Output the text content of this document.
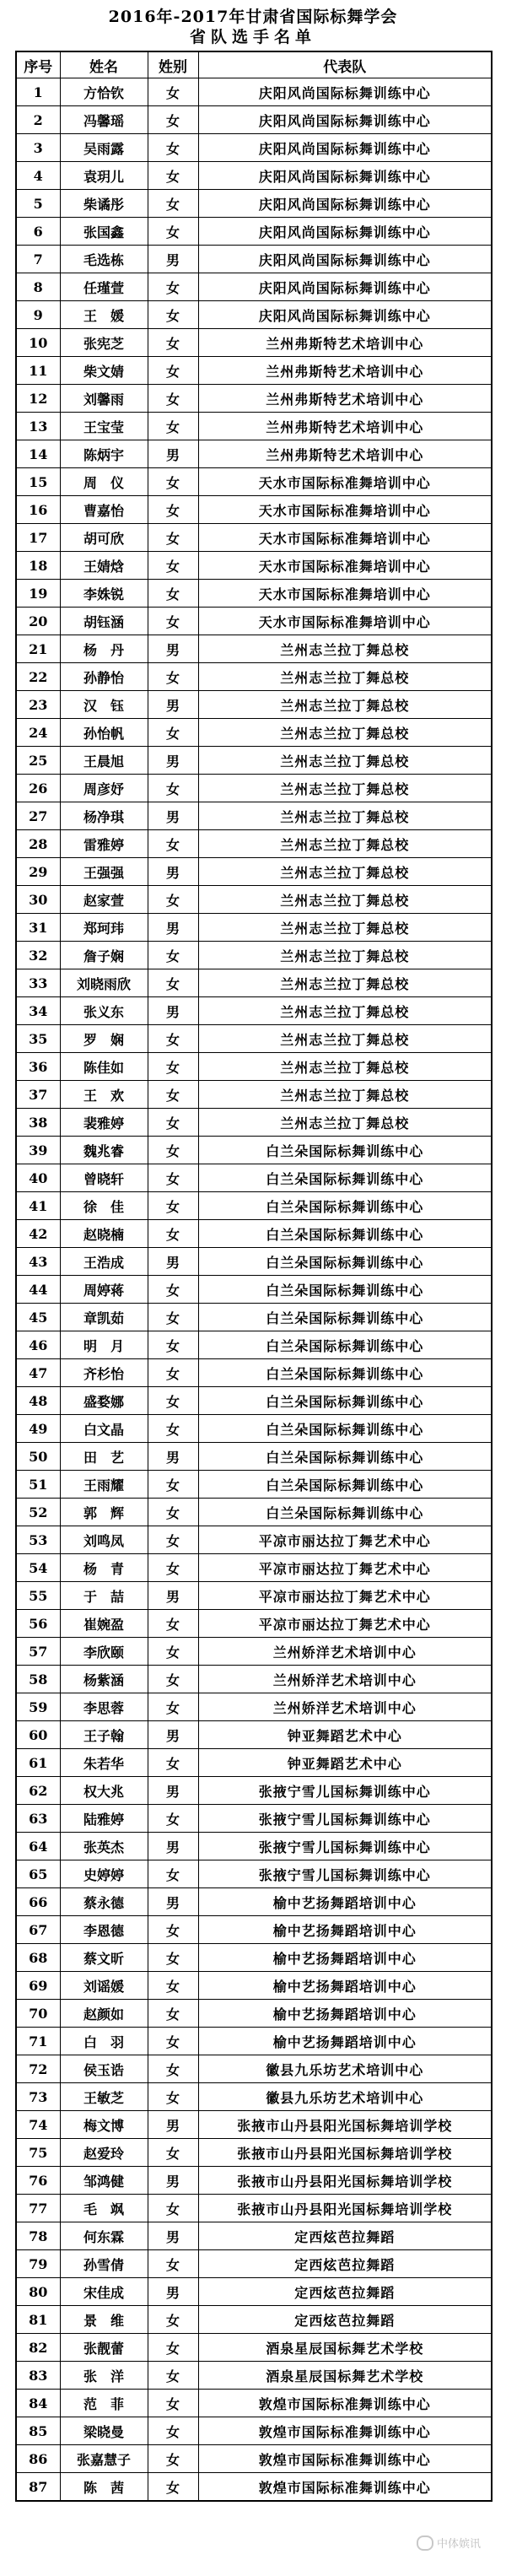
2016年-2017年甘肃省国际标舞学会
省队选手名单
序号	姓名	姓别	代表队
1	方恰钦	女	庆阳风尚国际标舞训练中心
2	冯馨瑶	女	庆阳风尚国际标舞训练中心
3	吴雨露	女	庆阳风尚国际标舞训练中心
4	袁玥儿	女	庆阳风尚国际标舞训练中心
5	柴谲彤	女	庆阳风尚国际标舞训练中心
6	张国鑫	女	庆阳风尚国际标舞训练中心
7	毛选栋	男	庆阳风尚国际标舞训练中心
8	任瑾萱	女	庆阳风尚国际标舞训练中心
9	王　媛	女	庆阳风尚国际标舞训练中心
10	张宪芝	女	兰州弗斯特艺术培训中心
11	柴文婧	女	兰州弗斯特艺术培训中心
12	刘馨雨	女	兰州弗斯特艺术培训中心
13	王宝莹	女	兰州弗斯特艺术培训中心
14	陈炳宇	男	兰州弗斯特艺术培训中心
15	周　仪	女	天水市国际标准舞培训中心
16	曹嘉怡	女	天水市国际标准舞培训中心
17	胡可欣	女	天水市国际标准舞培训中心
18	王婧焓	女	天水市国际标准舞培训中心
19	李姝锐	女	天水市国际标准舞培训中心
20	胡钰涵	女	天水市国际标准舞培训中心
21	杨　丹	男	兰州志兰拉丁舞总校
22	孙静怡	女	兰州志兰拉丁舞总校
23	汉　钰	男	兰州志兰拉丁舞总校
24	孙怡帆	女	兰州志兰拉丁舞总校
25	王晨旭	男	兰州志兰拉丁舞总校
26	周彦妤	女	兰州志兰拉丁舞总校
27	杨净琪	男	兰州志兰拉丁舞总校
28	雷雅婷	女	兰州志兰拉丁舞总校
29	王强强	男	兰州志兰拉丁舞总校
30	赵家萱	女	兰州志兰拉丁舞总校
31	郑珂玮	男	兰州志兰拉丁舞总校
32	詹子娴	女	兰州志兰拉丁舞总校
33	刘晓雨欣	女	兰州志兰拉丁舞总校
34	张义东	男	兰州志兰拉丁舞总校
35	罗　娴	女	兰州志兰拉丁舞总校
36	陈佳如	女	兰州志兰拉丁舞总校
37	王　欢	女	兰州志兰拉丁舞总校
38	裴雅婷	女	兰州志兰拉丁舞总校
39	魏兆睿	女	白兰朵国际标舞训练中心
40	曾晓轩	女	白兰朵国际标舞训练中心
41	徐　佳	女	白兰朵国际标舞训练中心
42	赵晓楠	女	白兰朵国际标舞训练中心
43	王浩成	男	白兰朵国际标舞训练中心
44	周婷蒋	女	白兰朵国际标舞训练中心
45	章凯茹	女	白兰朵国际标舞训练中心
46	明　月	女	白兰朵国际标舞训练中心
47	齐杉怡	女	白兰朵国际标舞训练中心
48	盛婺娜	女	白兰朵国际标舞训练中心
49	白文晶	女	白兰朵国际标舞训练中心
50	田　艺	男	白兰朵国际标舞训练中心
51	王雨耀	女	白兰朵国际标舞训练中心
52	郭　辉	女	白兰朵国际标舞训练中心
53	刘鸣凤	女	平凉市丽达拉丁舞艺术中心
54	杨　青	女	平凉市丽达拉丁舞艺术中心
55	于　喆	男	平凉市丽达拉丁舞艺术中心
56	崔婉盈	女	平凉市丽达拉丁舞艺术中心
57	李欣颐	女	兰州娇洋艺术培训中心
58	杨紫涵	女	兰州娇洋艺术培训中心
59	李思蓉	女	兰州娇洋艺术培训中心
60	王子翰	男	钟亚舞蹈艺术中心
61	朱若华	女	钟亚舞蹈艺术中心
62	权大兆	男	张掖宁雪儿国标舞训练中心
63	陆雅婷	女	张掖宁雪儿国标舞训练中心
64	张英杰	男	张掖宁雪儿国标舞训练中心
65	史婷婷	女	张掖宁雪儿国标舞训练中心
66	蔡永德	男	榆中艺扬舞蹈培训中心
67	李恩德	女	榆中艺扬舞蹈培训中心
68	蔡文昕	女	榆中艺扬舞蹈培训中心
69	刘谣媛	女	榆中艺扬舞蹈培训中心
70	赵颜如	女	榆中艺扬舞蹈培训中心
71	白　羽	女	榆中艺扬舞蹈培训中心
72	侯玉诰	女	徽县九乐坊艺术培训中心
73	王敏芝	女	徽县九乐坊艺术培训中心
74	梅文博	男	张掖市山丹县阳光国标舞培训学校
75	赵爱玲	女	张掖市山丹县阳光国标舞培训学校
76	邹鸿健	男	张掖市山丹县阳光国标舞培训学校
77	毛　飒	女	张掖市山丹县阳光国标舞培训学校
78	何东霖	男	定西炫芭拉舞蹈
79	孙雪倩	女	定西炫芭拉舞蹈
80	宋佳成	男	定西炫芭拉舞蹈
81	景　维	女	定西炫芭拉舞蹈
82	张靓蕾	女	酒泉星辰国标舞艺术学校
83	张　洋	女	酒泉星辰国标舞艺术学校
84	范　菲	女	敦煌市国际标准舞训练中心
85	梁晓曼	女	敦煌市国际标准舞训练中心
86	张嘉慧子	女	敦煌市国际标准舞训练中心
87	陈　茜	女	敦煌市国际标准舞训练中心
中体嫔讯
